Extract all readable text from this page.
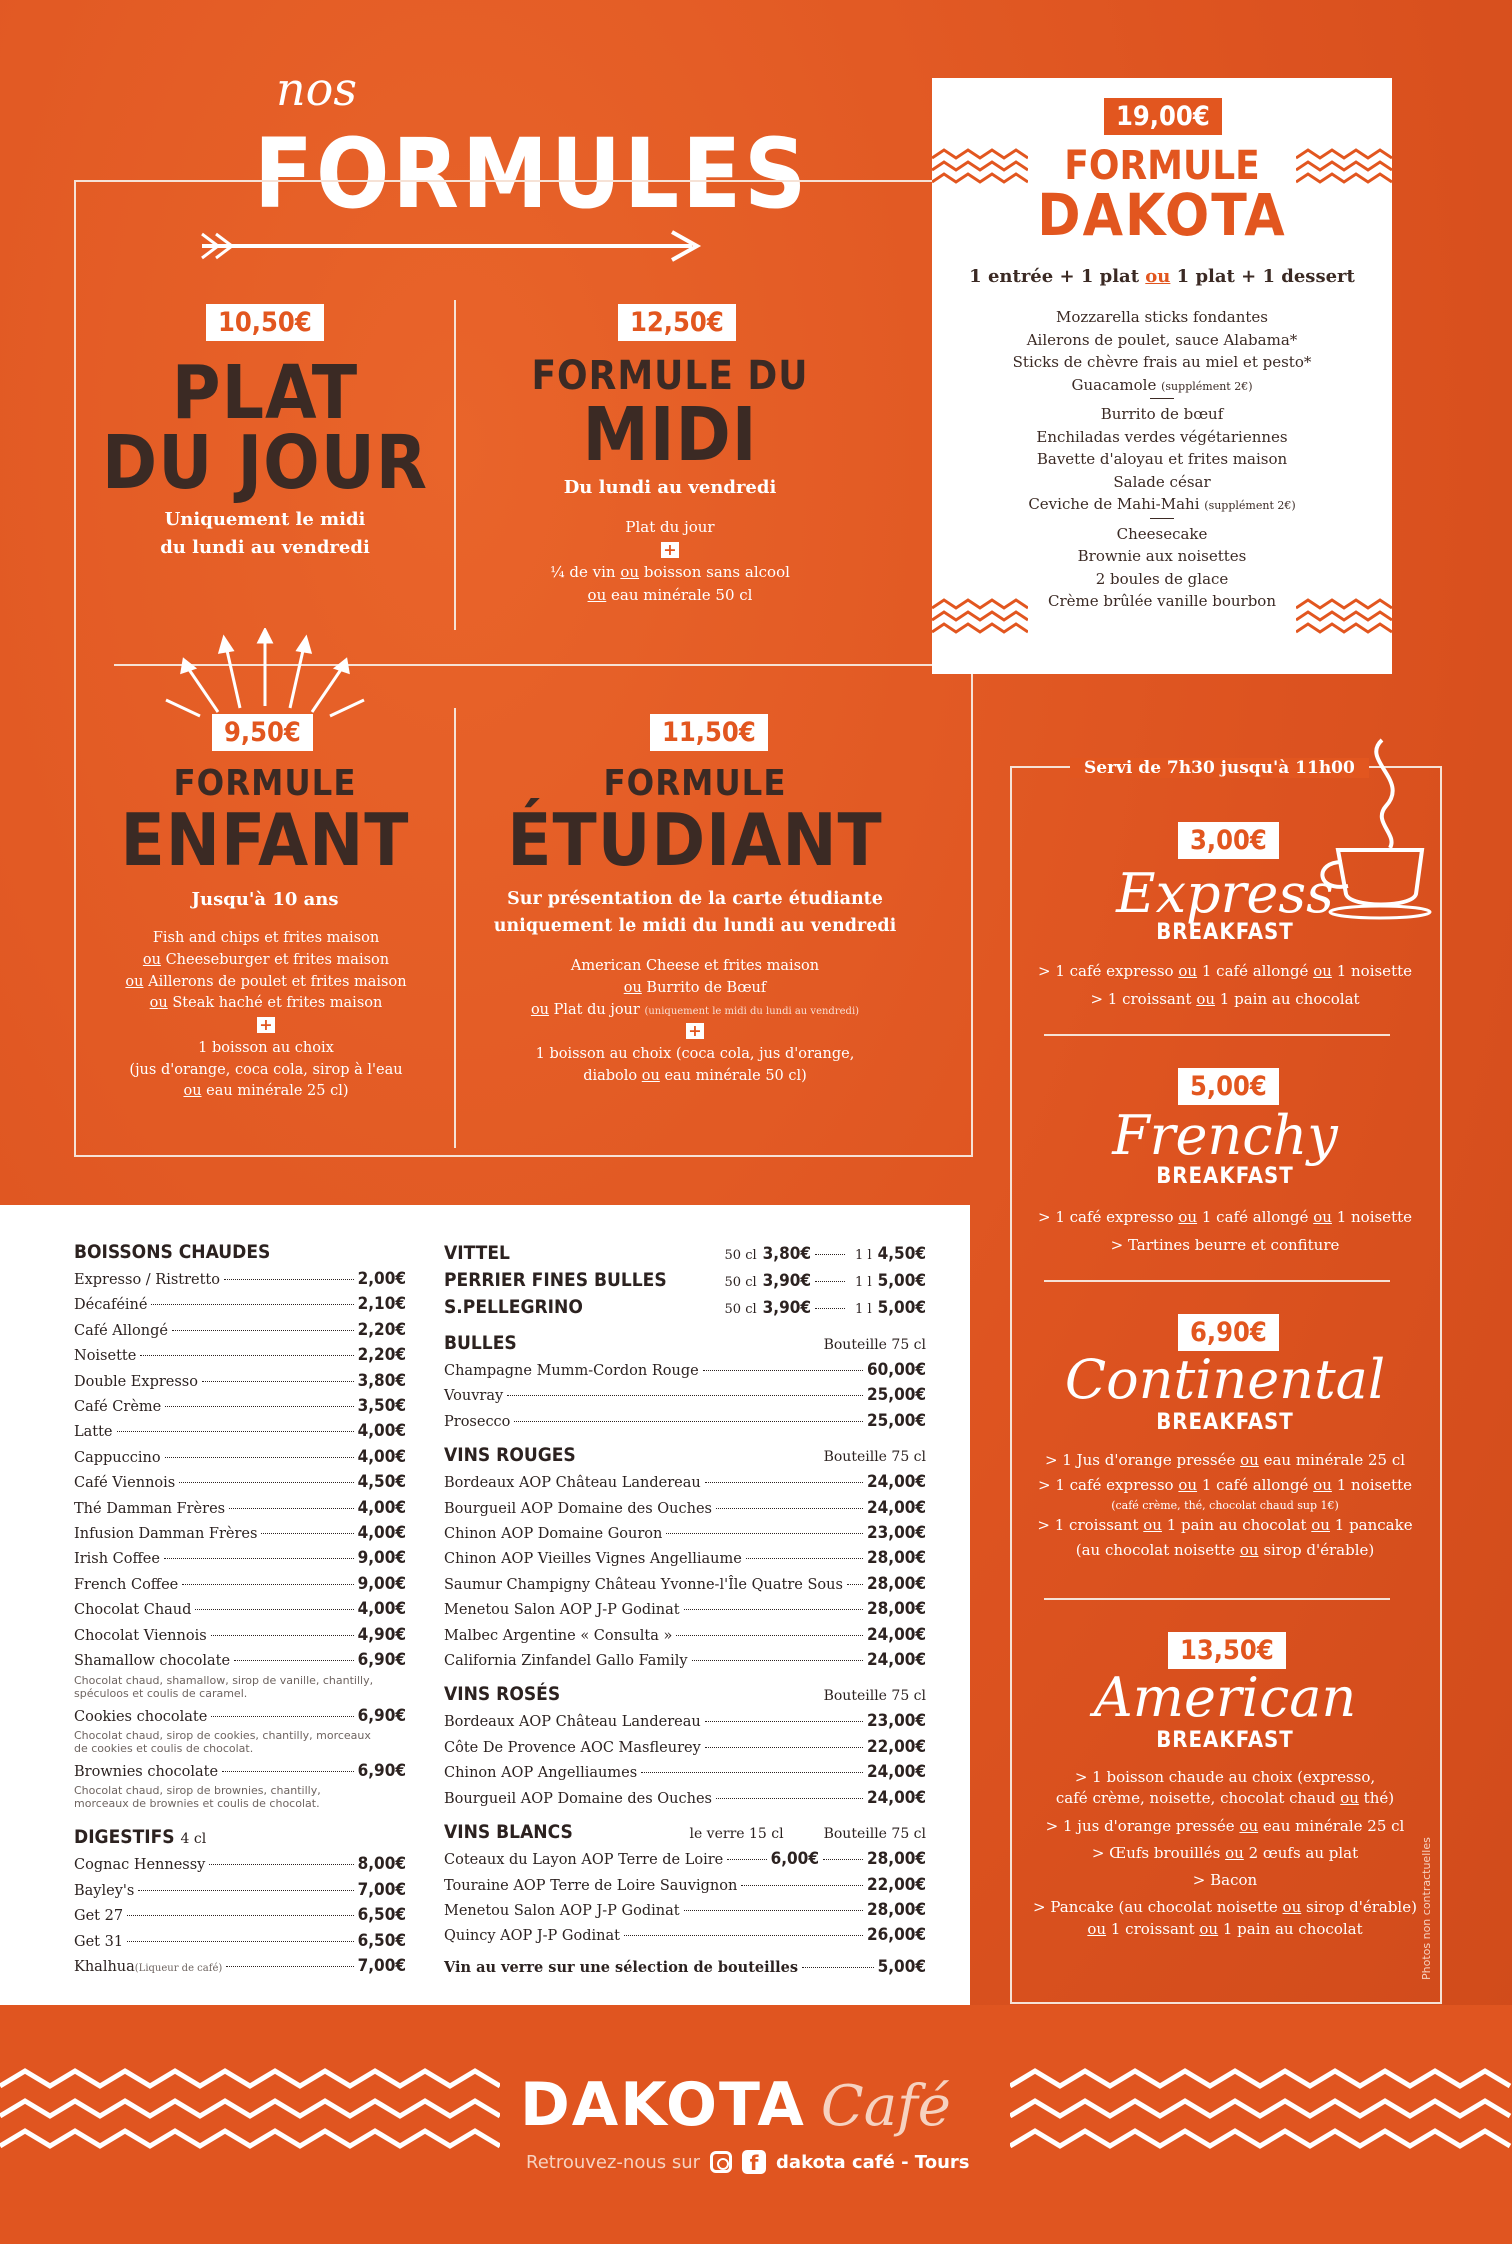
nos
FORMULES
10,50€
PLAT
DU JOUR
Uniquement le midi
du lundi au vendredi
12,50€
FORMULE DU
MIDI
Du lundi au vendredi
Plat du jour
+
¼ de vin ou boisson sans alcool
ou eau minérale 50 cl
9,50€
FORMULE
ENFANT
Jusqu'à 10 ans
Fish and chips et frites maison
ou Cheeseburger et frites maison
ou Aillerons de poulet et frites maison
ou Steak haché et frites maison
+
1 boisson au choix
(jus d'orange, coca cola, sirop à l'eau
ou eau minérale 25 cl)
11,50€
FORMULE
ÉTUDIANT
Sur présentation de la carte étudiante
uniquement le midi du lundi au vendredi
American Cheese et frites maison
ou Burrito de Bœuf
ou Plat du jour (uniquement le midi du lundi au vendredi)
+
1 boisson au choix (coca cola, jus d'orange,
diabolo ou eau minérale 50 cl)
19,00€
FORMULE
DAKOTA
1 entrée + 1 plat ou 1 plat + 1 dessert
Mozzarella sticks fondantes
Ailerons de poulet, sauce Alabama*
Sticks de chèvre frais au miel et pesto*
Guacamole (supplément 2€)
Burrito de bœuf
Enchiladas verdes végétariennes
Bavette d'aloyau et frites maison
Salade césar
Ceviche de Mahi-Mahi (supplément 2€)
Cheesecake
Brownie aux noisettes
2 boules de glace
Crème brûlée vanille bourbon
BOISSONS CHAUDES
Expresso / Ristretto	2,00€
Décaféiné	2,10€
Café Allongé	2,20€
Noisette	2,20€
Double Expresso	3,80€
Café Crème	3,50€
Latte	4,00€
Cappuccino	4,00€
Café Viennois	4,50€
Thé Damman Frères	4,00€
Infusion Damman Frères	4,00€
Irish Coffee	9,00€
French Coffee	9,00€
Chocolat Chaud	4,00€
Chocolat Viennois	4,90€
Shamallow chocolate	6,90€
Chocolat chaud, shamallow, sirop de vanille, chantilly, spéculoos et coulis de caramel.
Cookies chocolate	6,90€
Chocolat chaud, sirop de cookies, chantilly, morceaux de cookies et coulis de chocolat.
Brownies chocolate	6,90€
Chocolat chaud, sirop de brownies, chantilly, morceaux de brownies et coulis de chocolat.
DIGESTIFS 4 cl
Cognac Hennessy	8,00€
Bayley's	7,00€
Get 27	6,50€
Get 31	6,50€
Khalhua (Liqueur de café)	7,00€
VITTEL	50 cl 3,80€	1 l 4,50€
PERRIER FINES BULLES	50 cl 3,90€	1 l 5,00€
S.PELLEGRINO	50 cl 3,90€	1 l 5,00€
BULLES	Bouteille 75 cl
Champagne Mumm-Cordon Rouge	60,00€
Vouvray	25,00€
Prosecco	25,00€
VINS ROUGES	Bouteille 75 cl
Bordeaux AOP Château Landereau	24,00€
Bourgueil AOP Domaine des Ouches	24,00€
Chinon AOP Domaine Gouron	23,00€
Chinon AOP Vieilles Vignes Angelliaume	28,00€
Saumur Champigny Château Yvonne-l'Île Quatre Sous 28,00€
Menetou Salon AOP J-P Godinat	28,00€
Malbec Argentine « Consulta »	24,00€
California Zinfandel Gallo Family	24,00€
VINS ROSÉS	Bouteille 75 cl
Bordeaux AOP Château Landereau	23,00€
Côte De Provence AOC Masfleurey	22,00€
Chinon AOP Angelliaumes	24,00€
Bourgueil AOP Domaine des Ouches	24,00€
VINS BLANCS	le verre 15 cl	Bouteille 75 cl
Coteaux du Layon AOP Terre de Loire	6,00€	28,00€
Touraine AOP Terre de Loire Sauvignon	22,00€
Menetou Salon AOP J-P Godinat	28,00€
Quincy AOP J-P Godinat	26,00€
Vin au verre sur une sélection de bouteilles	5,00€
Servi de 7h30 jusqu'à 11h00
3,00€
Express
BREAKFAST
> 1 café expresso ou 1 café allongé ou 1 noisette
> 1 croissant ou 1 pain au chocolat
5,00€
Frenchy
BREAKFAST
> 1 café expresso ou 1 café allongé ou 1 noisette
> Tartines beurre et confiture
6,90€
Continental
BREAKFAST
> 1 Jus d'orange pressée ou eau minérale 25 cl
> 1 café expresso ou 1 café allongé ou 1 noisette
(café crème, thé, chocolat chaud sup 1€)
> 1 croissant ou 1 pain au chocolat ou 1 pancake
(au chocolat noisette ou sirop d'érable)
13,50€
American
BREAKFAST
> 1 boisson chaude au choix (expresso,
café crème, noisette, chocolat chaud ou thé)
> 1 jus d'orange pressée ou eau minérale 25 cl
> Œufs brouillés ou 2 œufs au plat
> Bacon
> Pancake (au chocolat noisette ou sirop d'érable)
ou 1 croissant ou 1 pain au chocolat	Photos non contractuelles
DAKOTA Café
Retrouvez-nous sur	f dakota café - Tours
